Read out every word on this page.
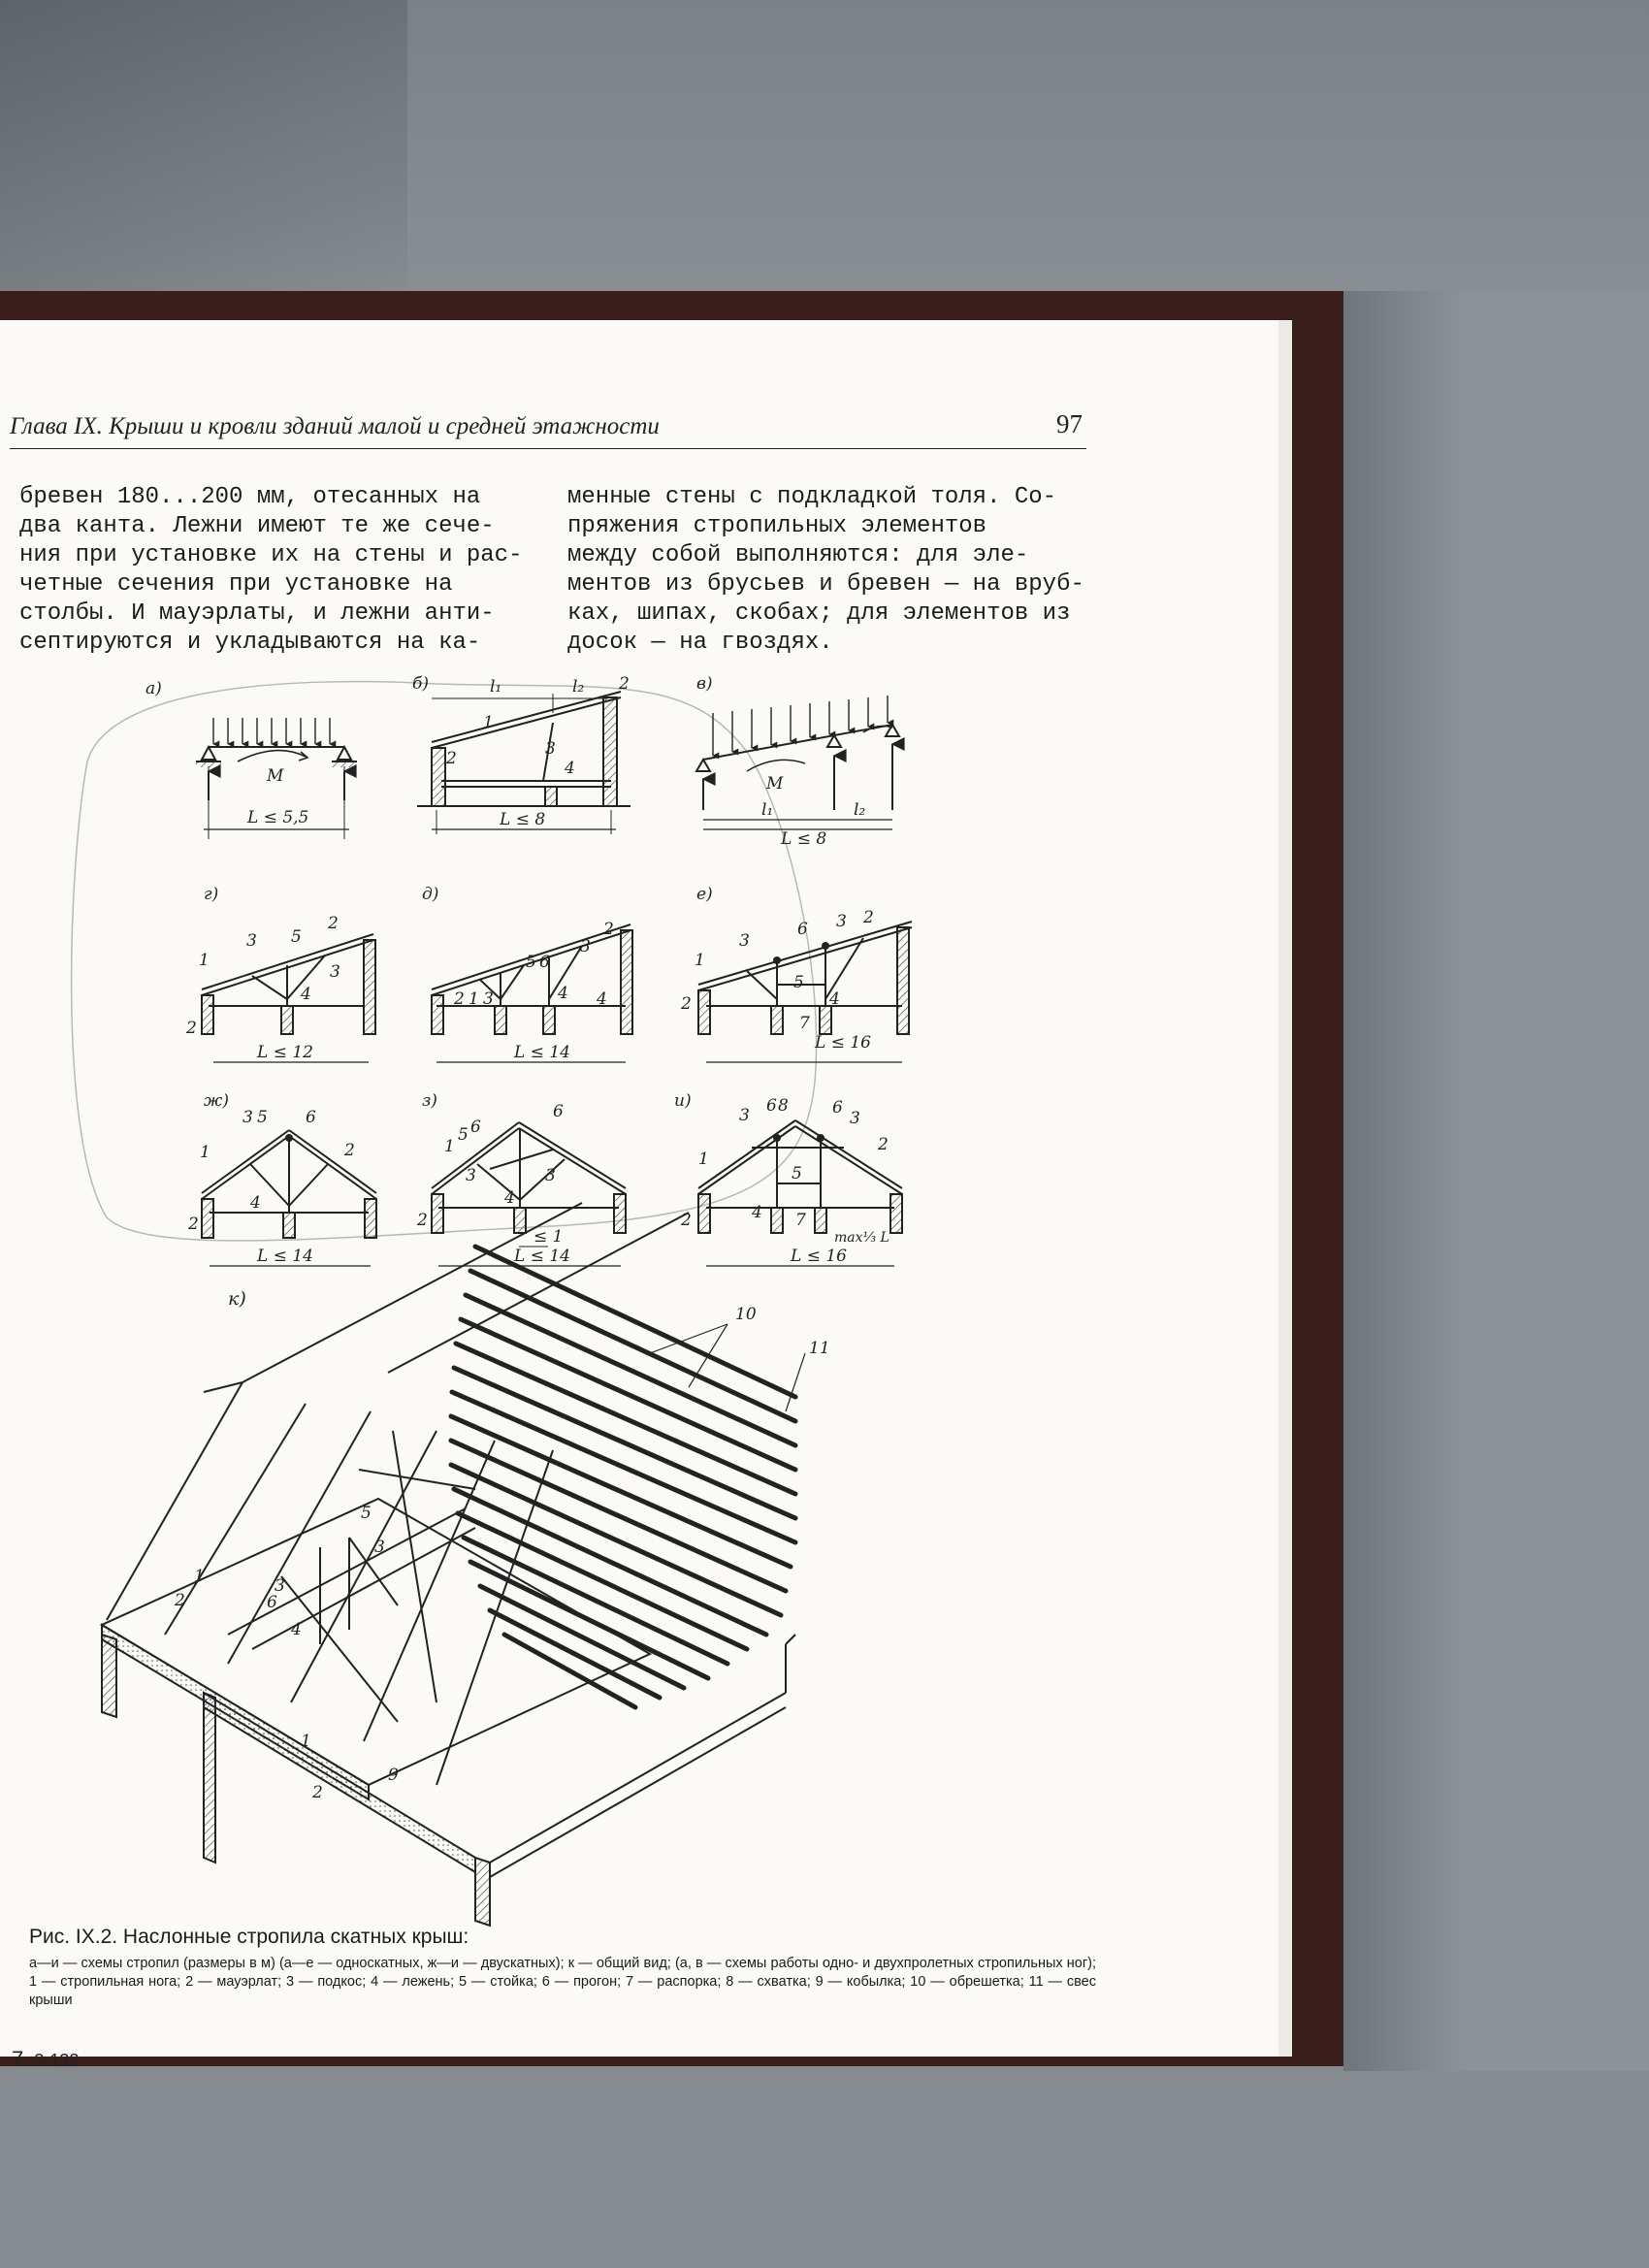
Глава IX. Крыши и кровли зданий малой и средней этажности	97
бревен 180...200 мм, отесанных на
два канта. Лежни имеют те же сече-
ния при установке их на стены и рас-
четные сечения при установке на
столбы. И мауэрлаты, и лежни анти-
септируются и укладываются на ка-
менные стены с подкладкой толя. Со-
пряжения стропильных элементов
между собой выполняются: для эле-
ментов из брусьев и бревен — на вруб-
ках, шипах, скобах; для элементов из
досок — на гвоздях.
а)
M
L ≤ 5,5
б)
L ≤ 8
l₁	l₂
1
2
2
3
4
в)
M
l₁	l₂
L ≤ 8
г)
L ≤ 12
1
3 5
2
3
4
2
д)
L ≤ 14
2 1 3
5 6
4
3
2
4
е)
L ≤ 16
1
3
6 3 2
5
4
7
2
ж)
L ≤ 14
1
3 5 6
2
4
2
з)
≤ 1
L ≤ 14
1
5 6
6
3	3
4
2
и)
L ≤ 16
max⅓ L
1
3 6 8	6
3
2
5
4 7
2
к)
10
11
2
1
6
4
3
5
3
1
2
9

Рис. IX.2. Наслонные стропила скатных крыш:

а—и — схемы стропил (размеры в м) (а—е — односкатных, ж—и — двускатных); к — общий вид; (а, в — схемы работы одно- и двухпролетных стропильных ног); 1 — стропильная нога; 2 — мауэрлат; 3 — подкос; 4 — лежень; 5 — стойка; 6 — прогон; 7 — распорка; 8 — схватка; 9 — кобылка; 10 — обрешетка; 11 — свес крыши

7. 3-132
